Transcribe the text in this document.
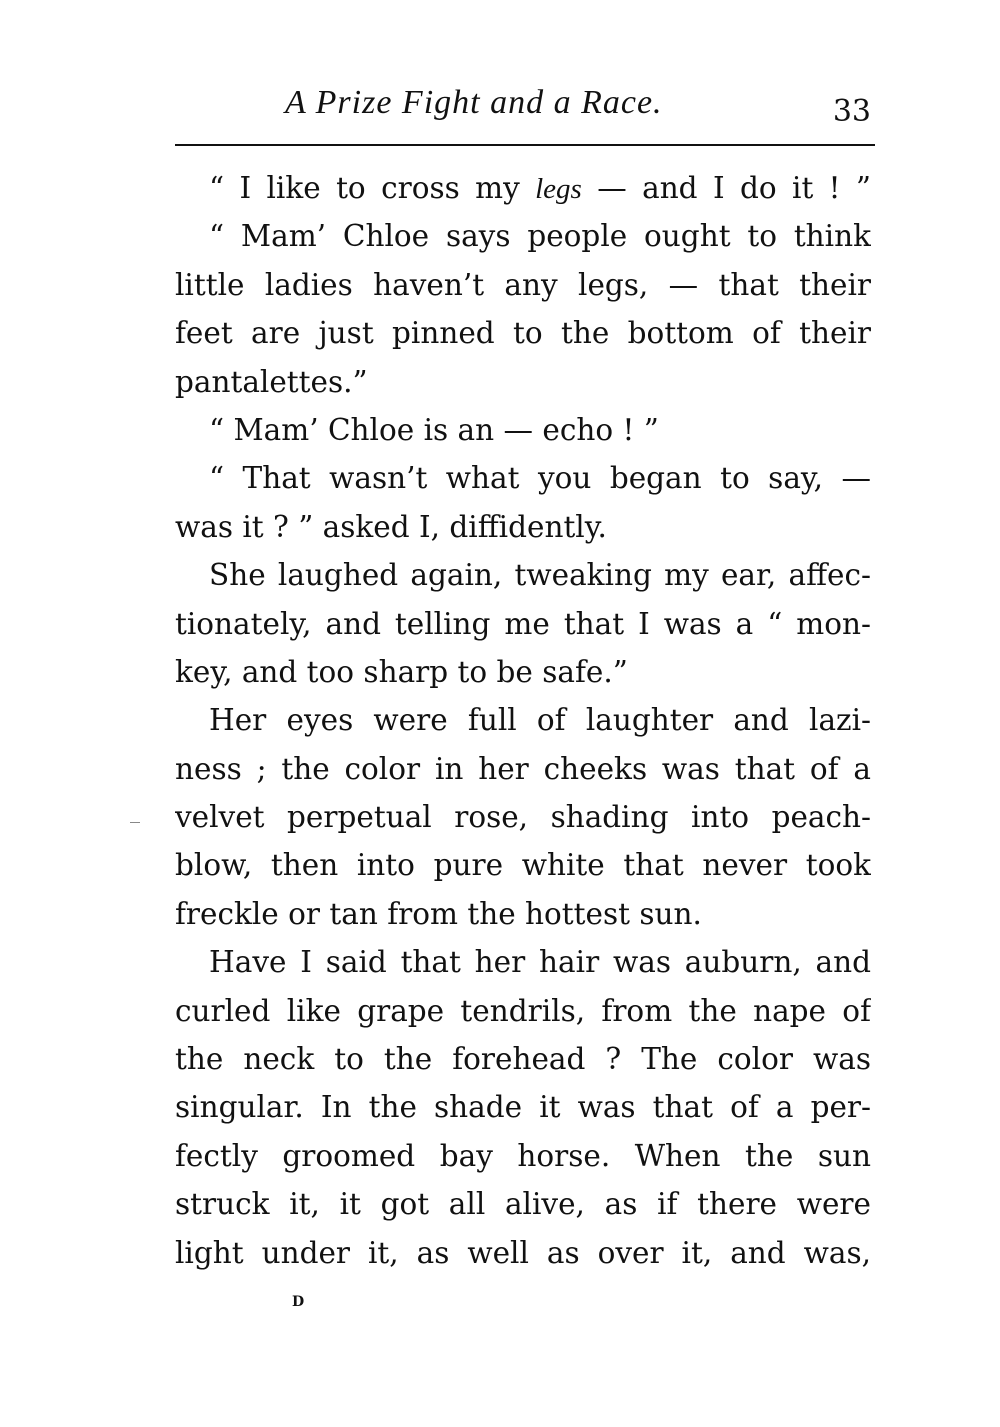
A Prize Fight and a Race.	33
“ I like to cross my legs — and I do it ! ”
“ Mam’ Chloe says people ought to think
little ladies haven’t any legs, — that their
feet are just pinned to the bottom of their
pantalettes.”
“ Mam’ Chloe is an — echo ! ”
“ That wasn’t what you began to say, —
was it ? ” asked I, diffidently.
She laughed again, tweaking my ear, affec-
tionately, and telling me that I was a “ mon-
key, and too sharp to be safe.”
Her eyes were full of laughter and lazi-
ness ; the color in her cheeks was that of a
velvet perpetual rose, shading into peach-
blow, then into pure white that never took
freckle or tan from the hottest sun.
Have I said that her hair was auburn, and
curled like grape tendrils, from the nape of
the neck to the forehead ? The color was
singular. In the shade it was that of a per-
fectly groomed bay horse. When the sun
struck it, it got all alive, as if there were
light under it, as well as over it, and was,
D
